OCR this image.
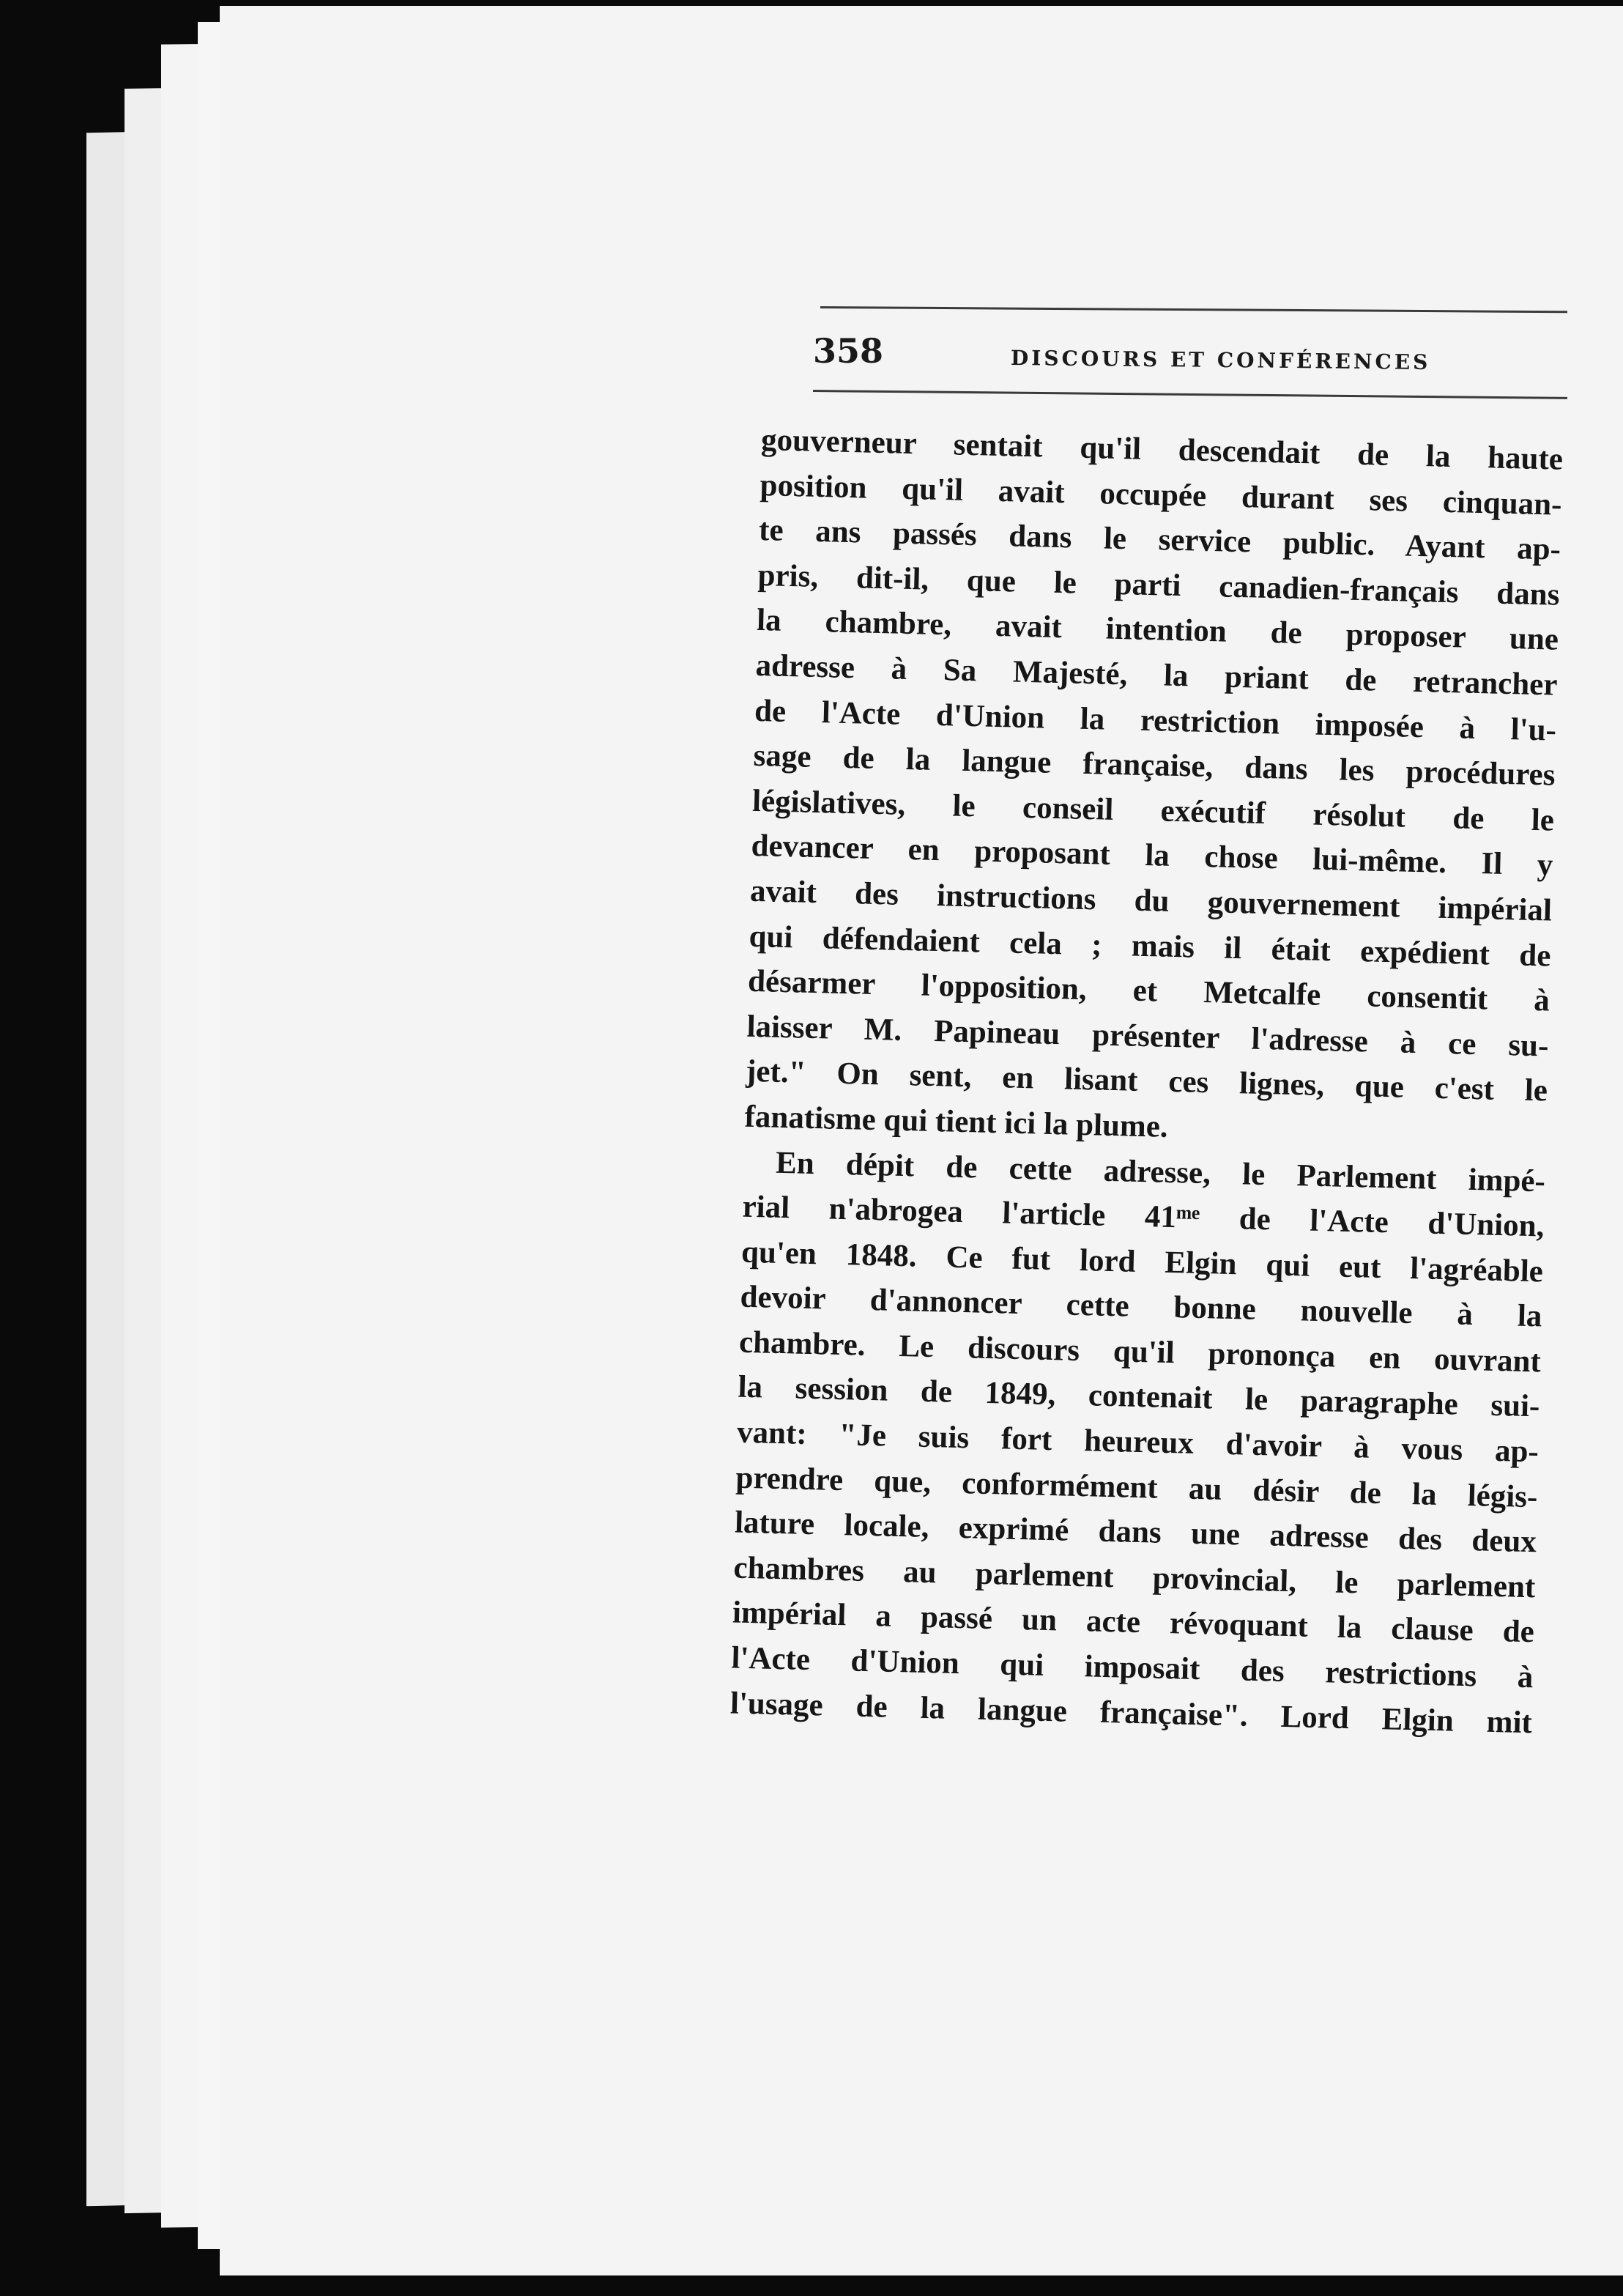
358	DISCOURS ET CONFÉRENCES
gouverneur sentait qu'il descendait de la haute
position qu'il avait occupée durant ses cinquan-
te ans passés dans le service public. Ayant ap-
pris, dit-il, que le parti canadien-français dans
la chambre, avait intention de proposer une
adresse à Sa Majesté, la priant de retrancher
de l'Acte d'Union la restriction imposée à l'u-
sage de la langue française, dans les procédures
législatives, le conseil exécutif résolut de le
devancer en proposant la chose lui-même. Il y
avait des instructions du gouvernement impérial
qui défendaient cela ; mais il était expédient de
désarmer l'opposition, et Metcalfe consentit à
laisser M. Papineau présenter l'adresse à ce su-
jet." On sent, en lisant ces lignes, que c'est le
fanatisme qui tient ici la plume.
En dépit de cette adresse, le Parlement impé-
rial n'abrogea l'article 41ᵐᵉ de l'Acte d'Union,
qu'en 1848. Ce fut lord Elgin qui eut l'agréable
devoir d'annoncer cette bonne nouvelle à la
chambre. Le discours qu'il prononça en ouvrant
la session de 1849, contenait le paragraphe sui-
vant: "Je suis fort heureux d'avoir à vous ap-
prendre que, conformément au désir de la légis-
lature locale, exprimé dans une adresse des deux
chambres au parlement provincial, le parlement
impérial a passé un acte révoquant la clause de
l'Acte d'Union qui imposait des restrictions à
l'usage de la langue française". Lord Elgin mit
